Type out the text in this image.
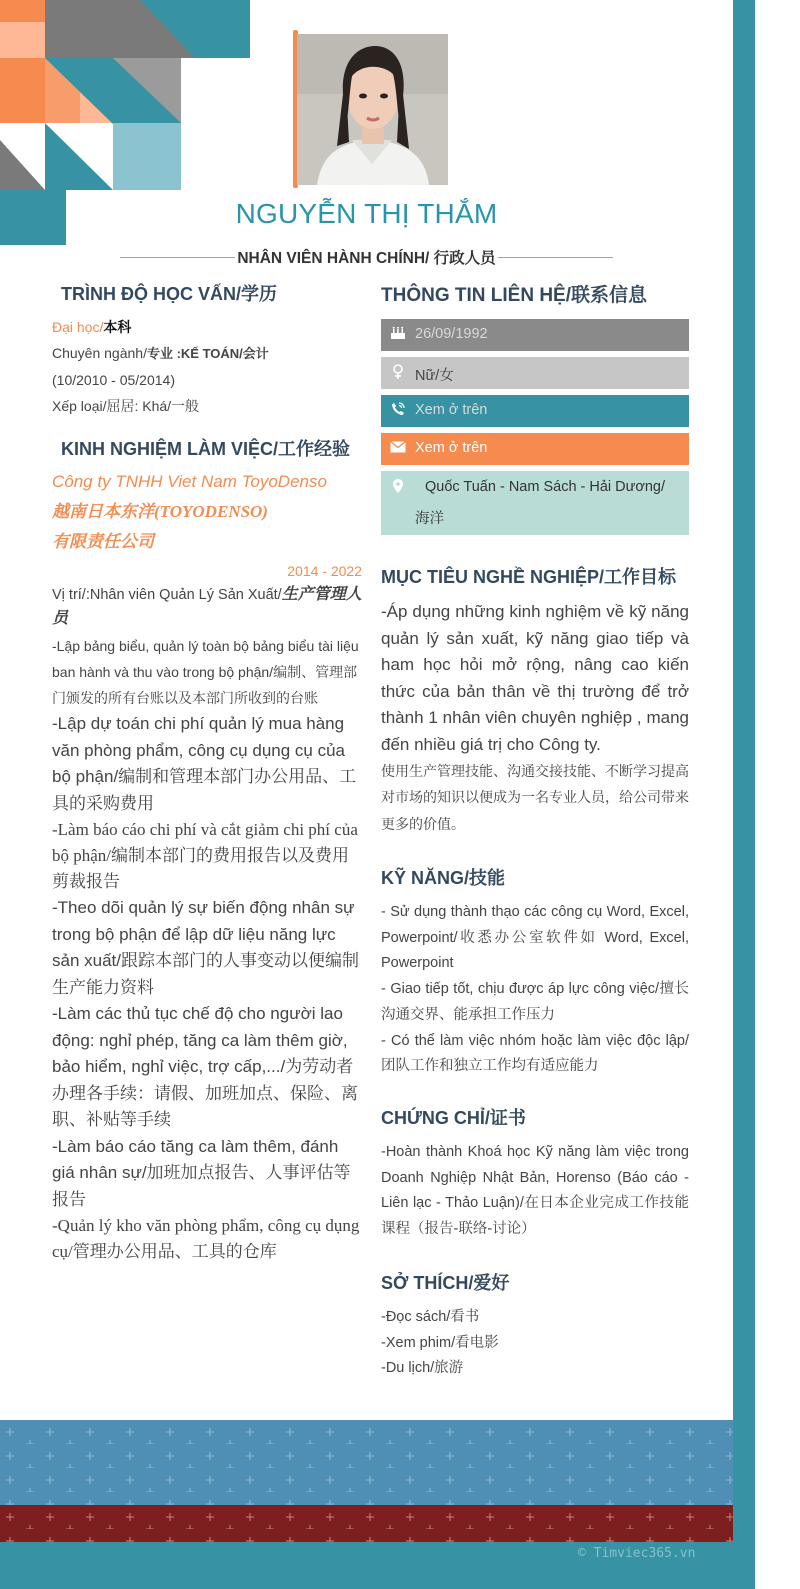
NGUYỄN THỊ THẮM
NHÂN VIÊN HÀNH CHÍNH/ 行政人员
TRÌNH ĐỘ HỌC VẤN/学历
Đại học/本科
Chuyên ngành/专业 :KẾ TOÁN/会计
(10/2010 - 05/2014)
Xếp loại/屈居: Khá/一般
KINH NGHIỆM LÀM VIỆC/工作经验
Công ty TNHH Viet Nam ToyoDenso
越南日本东洋(TOYODENSO)
有限责任公司
2014 - 2022
Vị trí/:Nhân viên Quản Lý Sản Xuất/生产管理人员
-Lập bảng biểu, quản lý toàn bộ bảng biểu tài liệu ban hành và thu vào trong bộ phận/编制、管理部门颁发的所有台账以及本部门所收到的台账
-Lập dự toán chi phí quản lý mua hàng văn phòng phẩm, công cụ dụng cụ của bộ phận/编制和管理本部门办公用品、工具的采购费用
-Làm báo cáo chi phí và cắt giảm chi phí của bộ phận/编制本部门的费用报告以及费用剪裁报告
-Theo dõi quản lý sự biến động nhân sự trong bộ phận để lập dữ liệu năng lực sản xuất/跟踪本部门的人事变动以便编制生产能力资料
-Làm các thủ tục chế độ cho người lao động: nghỉ phép, tăng ca làm thêm giờ, bảo hiểm, nghỉ việc, trợ cấp,.../为劳动者办理各手续：请假、加班加点、保险、离职、补贴等手续
-Làm báo cáo tăng ca làm thêm, đánh giá nhân sự/加班加点报告、人事评估等报告
-Quản lý kho văn phòng phẩm, công cụ dụng cụ/管理办公用品、工具的仓库
THÔNG TIN LIÊN HỆ/联系信息
26/09/1992
Nữ/女
Xem ở trên
Xem ở trên
Quốc Tuấn - Nam Sách - Hải Dương/
海洋
MỤC TIÊU NGHỀ NGHIỆP/工作目标
-Áp dụng những kinh nghiệm về kỹ năng quản lý sản xuất, kỹ năng giao tiếp và ham học hỏi mở rộng, nâng cao kiến thức của bản thân về thị trường để trở thành 1 nhân viên chuyên nghiệp , mang đến nhiều giá trị cho Công ty.
使用生产管理技能、沟通交接技能、不断学习提高对市场的知识以便成为一名专业人员，给公司带来更多的价值。
KỸ NĂNG/技能
- Sử dụng thành thạo các công cụ Word, Excel, Powerpoint/收悉办公室软件如 Word, Excel, Powerpoint
- Giao tiếp tốt, chịu được áp lực công việc/擅长沟通交界、能承担工作压力
- Có thể làm việc nhóm hoặc làm việc độc lập/团队工作和独立工作均有适应能力
CHỨNG CHỈ/证书
-Hoàn thành Khoá học Kỹ năng làm việc trong Doanh Nghiệp Nhật Bản, Horenso (Báo cáo - Liên lạc - Thảo Luận)/在日本企业完成工作技能课程（报告-联络-讨论）
SỞ THÍCH/爱好
-Đọc sách/看书
-Xem phim/看电影
-Du lịch/旅游
© Timviec365.vn
